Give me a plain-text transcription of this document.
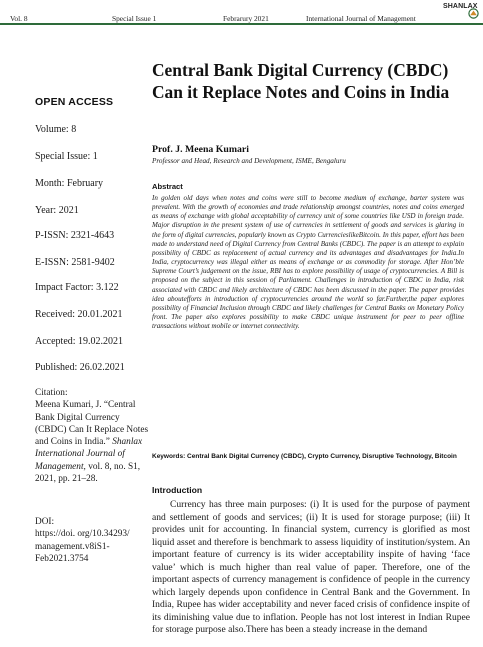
Vol. 8	Special Issue 1	Febrarury 2021	International Journal of Management
SHANLAX
OPEN ACCESS
Volume: 8
Special Issue: 1
Month: February
Year: 2021
P-ISSN: 2321-4643
E-ISSN: 2581-9402
Impact Factor: 3.122
Received: 20.01.2021
Accepted: 19.02.2021
Published: 26.02.2021
Citation:
Meena Kumari, J. “Central Bank Digital Currency (CBDC) Can It Replace Notes and Coins in India.” Shanlax International Journal of Management, vol. 8, no. S1, 2021, pp. 21–28.
DOI:
https://doi. org/10.34293/ management.v8iS1- Feb2021.3754
Central Bank Digital Currency (CBDC) Can it Replace Notes and Coins in India
Prof. J. Meena Kumari
Professor and Head, Research and Development, ISME, Bengaluru
Abstract

In golden old days when notes and coins were still to become medium of exchange, barter system was prevalent. With the growth of economies and trade relationship amongst countries, notes and coins emerged as means of exchange with global acceptability of currency unit of some countries like USD in foreign trade. Major disruption in the present system of use of currencies in settlement of goods and services is glaring in the form of digital currencies, popularly known as Crypto CurrencieslikeBitcoin. In this paper, effort has been made to understand need of Digital Currency from Central Banks (CBDC). The paper is an attempt to explain possibility of CBDC as replacement of actual currency and its advantages and disadvantages for India.In India, cryptocurrency was illegal either as means of exchange or as commodity for storage. After Hon’ble Supreme Court’s judgement on the issue, RBI has to explore possibility of usage of cryptocurrencies. A Bill is proposed on the subject in this session of Parliament. Challenges in introduction of CBDC in India, risk associated with CBDC and likely architecture of CBDC has been discussed in the paper. The paper provides idea aboutefforts in introduction of cryptocurrencies around the world so far.Further,the paper explores possibility of Financial Inclusion through CBDC and likely challenges for Central Banks on Monetary Policy front. The paper also explores possibility to make CBDC unique instrument for peer to peer offline transactions without mobile or internet connectivity.

Keywords: Central Bank Digital Currency (CBDC), Crypto Currency, Disruptive Technology, Bitcoin

Introduction

Currency has three main purposes: (i) It is used for the purpose of payment and settlement of goods and services; (ii) It is used for storage purpose; (iii) It provides unit for accounting. In financial system, currency is glorified as most liquid asset and therefore is benchmark to assess liquidity of institution/system. An important feature of currency is its wider acceptability inspite of having ‘face value’ which is much higher than real value of paper. Therefore, one of the important aspects of currency management is confidence of people in the currency which largely depends upon confidence in Central Bank and the Government. In India, Rupee has wider acceptability and never faced crisis of confidence inspite of its diminishing value due to inflation. People has not lost interest in Indian Rupee for storage purpose also.There has been a steady increase in the demand
